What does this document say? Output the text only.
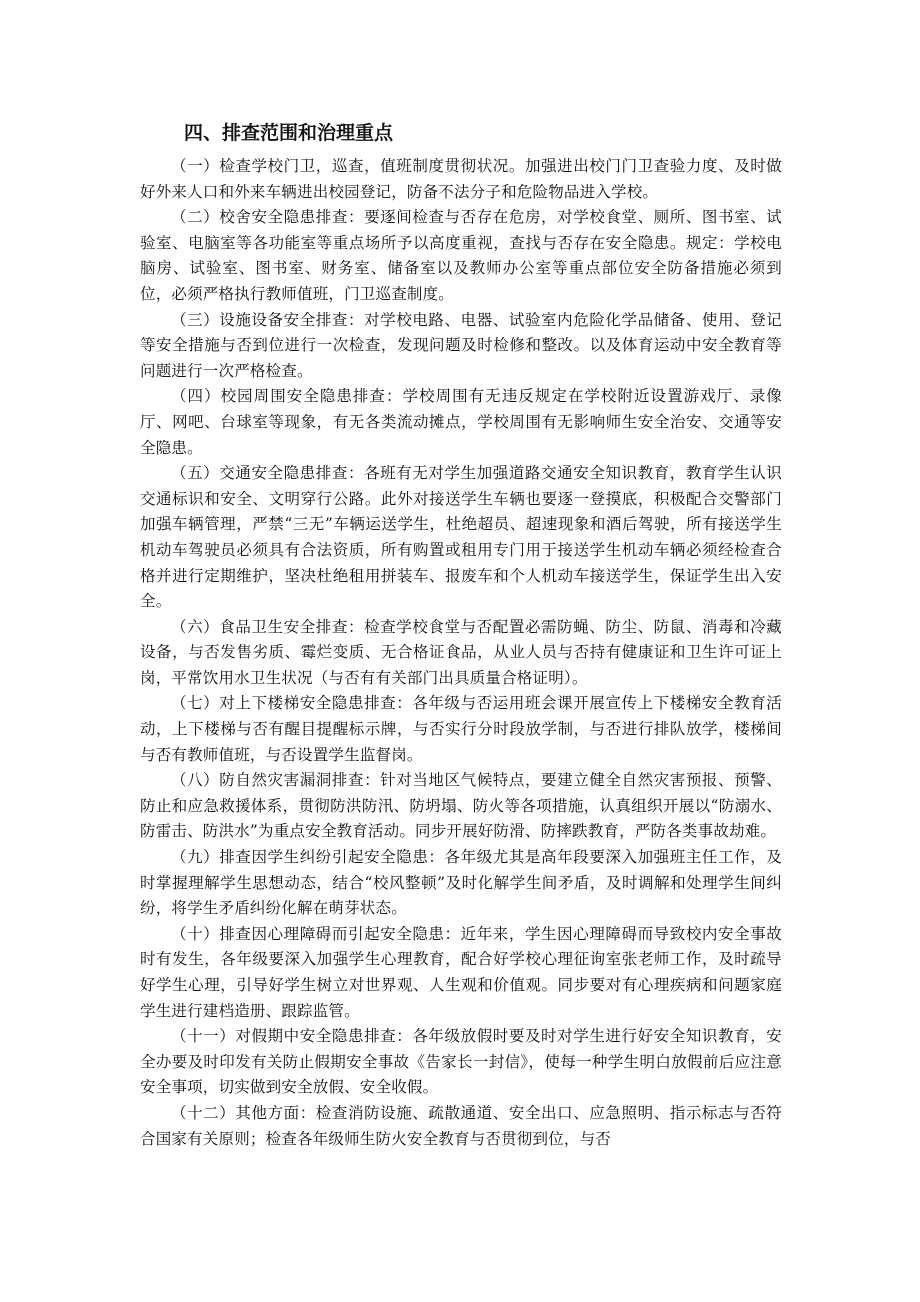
四、排查范围和治理重点

（一）检查学校门卫，巡查，值班制度贯彻状况。加强进出校门门卫查验力度、及时做好外来人口和外来车辆进出校园登记，防备不法分子和危险物品进入学校。

（二）校舍安全隐患排查：要逐间检查与否存在危房，对学校食堂、厕所、图书室、试验室、电脑室等各功能室等重点场所予以高度重视，查找与否存在安全隐患。规定：学校电脑房、试验室、图书室、财务室、储备室以及教师办公室等重点部位安全防备措施必须到位，必须严格执行教师值班，门卫巡查制度。

（三）设施设备安全排查：对学校电路、电器、试验室内危险化学品储备、使用、登记等安全措施与否到位进行一次检查，发现问题及时检修和整改。以及体育运动中安全教育等问题进行一次严格检查。

（四）校园周围安全隐患排查：学校周围有无违反规定在学校附近设置游戏厅、录像厅、网吧、台球室等现象，有无各类流动摊点，学校周围有无影响师生安全治安、交通等安全隐患。

（五）交通安全隐患排查：各班有无对学生加强道路交通安全知识教育，教育学生认识交通标识和安全、文明穿行公路。此外对接送学生车辆也要逐一登摸底，积极配合交警部门加强车辆管理，严禁“三无”车辆运送学生，杜绝超员、超速现象和酒后驾驶，所有接送学生机动车驾驶员必须具有合法资质，所有购置或租用专门用于接送学生机动车辆必须经检查合格并进行定期维护，坚决杜绝租用拼装车、报废车和个人机动车接送学生，保证学生出入安全。

（六）食品卫生安全排查：检查学校食堂与否配置必需防蝇、防尘、防鼠、消毒和冷藏设备，与否发售劣质、霉烂变质、无合格证食品，从业人员与否持有健康证和卫生许可证上岗，平常饮用水卫生状况（与否有有关部门出具质量合格证明）。

（七）对上下楼梯安全隐患排查：各年级与否运用班会课开展宣传上下楼梯安全教育活动，上下楼梯与否有醒目提醒标示牌，与否实行分时段放学制，与否进行排队放学，楼梯间与否有教师值班，与否设置学生监督岗。

（八）防自然灾害漏洞排查：针对当地区气候特点，要建立健全自然灾害预报、预警、防止和应急救援体系，贯彻防洪防汛、防坍塌、防火等各项措施，认真组织开展以“防溺水、防雷击、防洪水”为重点安全教育活动。同步开展好防滑、防摔跌教育，严防各类事故劫难。

（九）排查因学生纠纷引起安全隐患：各年级尤其是高年段要深入加强班主任工作，及时掌握理解学生思想动态，结合“校风整顿”及时化解学生间矛盾，及时调解和处理学生间纠纷，将学生矛盾纠纷化解在萌芽状态。

（十）排查因心理障碍而引起安全隐患：近年来，学生因心理障碍而导致校内安全事故时有发生，各年级要深入加强学生心理教育，配合好学校心理征询室张老师工作，及时疏导好学生心理，引导好学生树立对世界观、人生观和价值观。同步要对有心理疾病和问题家庭学生进行建档造册、跟踪监管。

（十一）对假期中安全隐患排查：各年级放假时要及时对学生进行好安全知识教育，安全办要及时印发有关防止假期安全事故《告家长一封信》，使每一种学生明白放假前后应注意安全事项，切实做到安全放假、安全收假。

（十二）其他方面：检查消防设施、疏散通道、安全出口、应急照明、指示标志与否符合国家有关原则；检查各年级师生防火安全教育与否贯彻到位，与否
